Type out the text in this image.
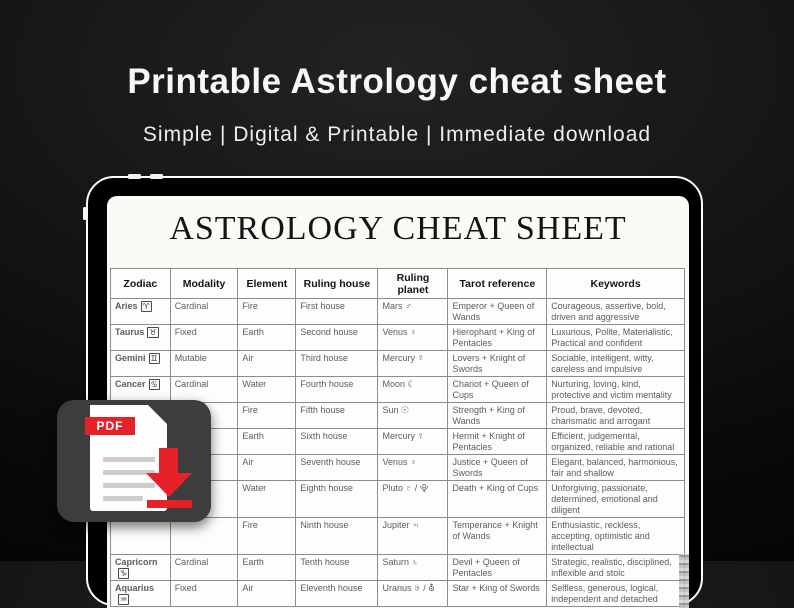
Printable Astrology cheat sheet

Simple | Digital & Printable | Immediate download

ASTROLOGY CHEAT SHEET
Zodiac	Modality	Element	Ruling house	Ruling planet	Tarot reference	Keywords
Aries ♈	Cardinal	Fire	First house	Mars ♂	Emperor + Queen of Wands	Courageous, assertive, bold, driven and aggressive
Taurus ♉	Fixed	Earth	Second house	Venus ♀	Hierophant + King of Pentacles	Luxurious, Polite, Materialistic, Practical and confident
Gemini ♊	Mutable	Air	Third house	Mercury ☿	Lovers + Knight of Swords	Sociable, intelligent, witty, careless and impulsive
Cancer ♋	Cardinal	Water	Fourth house	Moon ☾	Chariot + Queen of Cups	Nurturing, loving, kind, protective and victim mentality
		Fire	Fifth house	Sun ☉	Strength + King of Wands	Proud, brave, devoted, charismatic and arrogant
		Earth	Sixth house	Mercury ☿	Hermit + Knight of Pentacles	Efficient, judgemental, organized, reliable and rational
		Air	Seventh house	Venus ♀	Justice + Queen of Swords	Elegant, balanced, harmonious, fair and shallow
		Water	Eighth house	Pluto ♇ / ⯓	Death + King of Cups	Unforgiving, passionate, determined, emotional and diligent
		Fire	Ninth house	Jupiter ♃	Temperance + Knight of Wands	Enthusiastic, reckless, accepting, optimistic and intellectual
Capricorn♑	Cardinal	Earth	Tenth house	Saturn ♄	Devil + Queen of Pentacles	Strategic, realistic, disciplined, inflexible and stoic
Aquarius♒	Fixed	Air	Eleventh house	Uranus ♅ / ⛢	Star + King of Swords	Selfless, generous, logical, independent and detached
PDF
